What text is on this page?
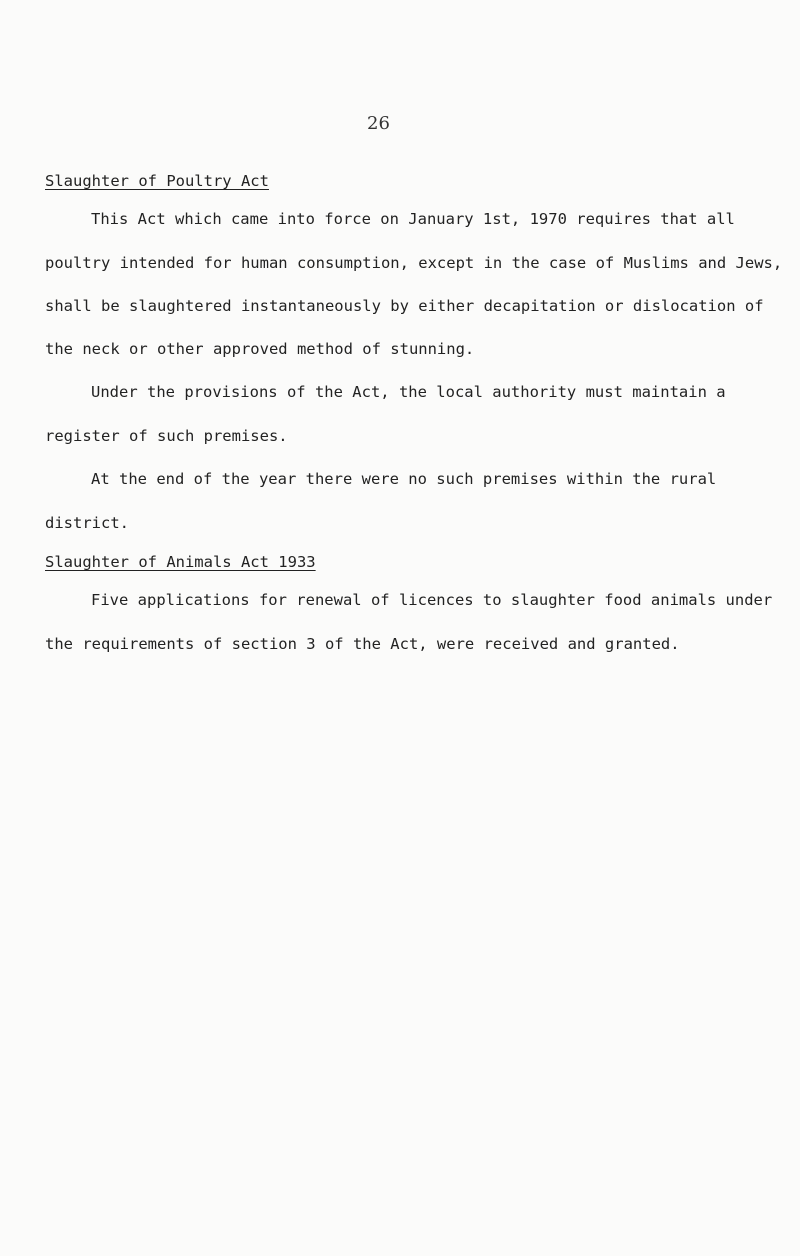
26
Slaughter of Poultry Act
This Act which came into force on January 1st, 1970 requires that all
poultry intended for human consumption, except in the case of Muslims and Jews,
shall be slaughtered instantaneously by either decapitation or dislocation of
the neck or other approved method of stunning.
Under the provisions of the Act, the local authority must maintain a
register of such premises.
At the end of the year there were no such premises within the rural
district.
Slaughter of Animals Act 1933
Five applications for renewal of licences to slaughter food animals under
the requirements of section 3 of the Act, were received and granted.
